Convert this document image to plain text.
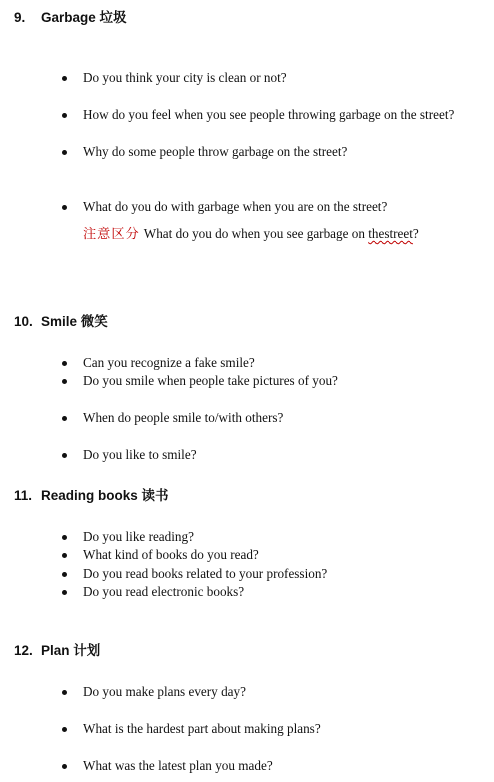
9. Garbage 垃圾
Do you think your city is clean or not?
How do you feel when you see people throwing garbage on the street?
Why do some people throw garbage on the street?
What do you do with garbage when you are on the street?
注意区分 What do you do when you see garbage on thestreet?
10. Smile 微笑
Can you recognize a fake smile?
Do you smile when people take pictures of you?
When do people smile to/with others?
Do you like to smile?
11. Reading books 读书
Do you like reading?
What kind of books do you read?
Do you read books related to your profession?
Do you read electronic books?
12. Plan 计划
Do you make plans every day?
What is the hardest part about making plans?
What was the latest plan you made?
